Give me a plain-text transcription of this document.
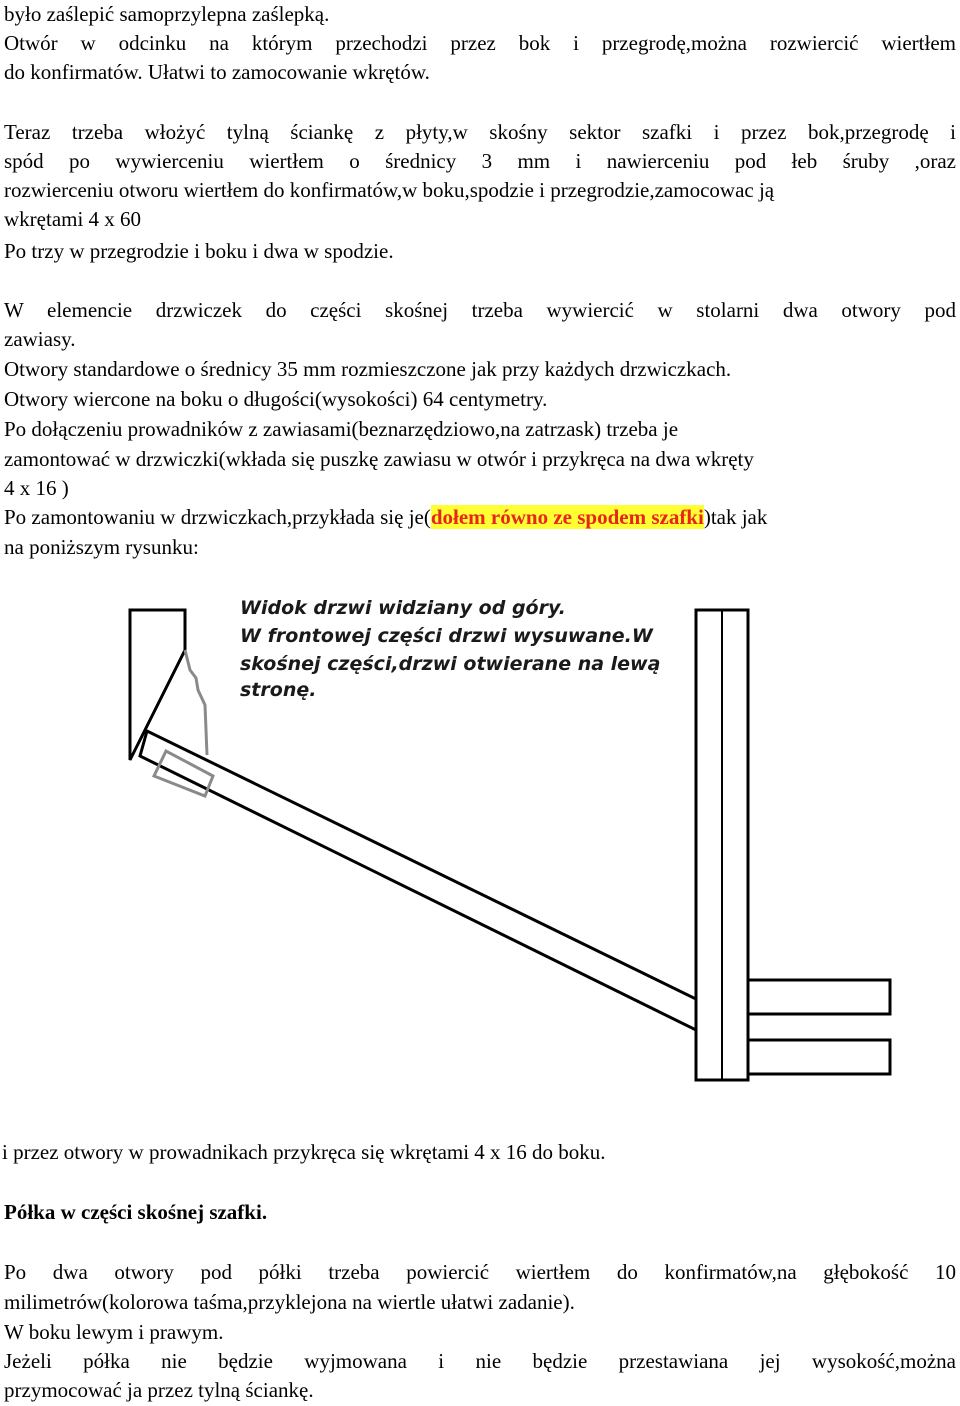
było zaślepić samoprzylepna zaślepką.
Otwór w odcinku na którym przechodzi przez bok i przegrodę,można rozwiercić wiertłem
do konfirmatów. Ułatwi to zamocowanie wkrętów.
Teraz trzeba włożyć tylną ściankę z płyty,w skośny sektor szafki i przez bok,przegrodę i
spód po wywierceniu wiertłem o średnicy 3 mm i nawierceniu pod łeb śruby ,oraz
rozwierceniu otworu wiertłem do konfirmatów,w boku,spodzie i przegrodzie,zamocowac ją
wkrętami 4 x 60
Po trzy w przegrodzie i boku i dwa w spodzie.
W elemencie drzwiczek do części skośnej trzeba wywiercić w stolarni dwa otwory pod
zawiasy.
Otwory standardowe o średnicy 35 mm rozmieszczone jak przy każdych drzwiczkach.
Otwory wiercone na boku o długości(wysokości) 64 centymetry.
Po dołączeniu prowadników z zawiasami(beznarzędziowo,na zatrzask) trzeba je
zamontować w drzwiczki(wkłada się puszkę zawiasu w otwór i przykręca na dwa wkręty
4 x 16 )
Po zamontowaniu w drzwiczkach,przykłada się je(dołem równo ze spodem szafki)tak jak
na poniższym rysunku:
Widok drzwi widziany od góry.
W frontowej części drzwi wysuwane.W
skośnej części,drzwi otwierane na lewą
stronę.
i przez otwory w prowadnikach przykręca się wkrętami 4 x 16 do boku.
Półka w części skośnej szafki.
Po dwa otwory pod półki trzeba powiercić wiertłem do konfirmatów,na głębokość 10
milimetrów(kolorowa taśma,przyklejona na wiertle ułatwi zadanie).
W boku lewym i prawym.
Jeżeli półka nie będzie wyjmowana i nie będzie przestawiana jej wysokość,można
przymocować ja przez tylną ściankę.
